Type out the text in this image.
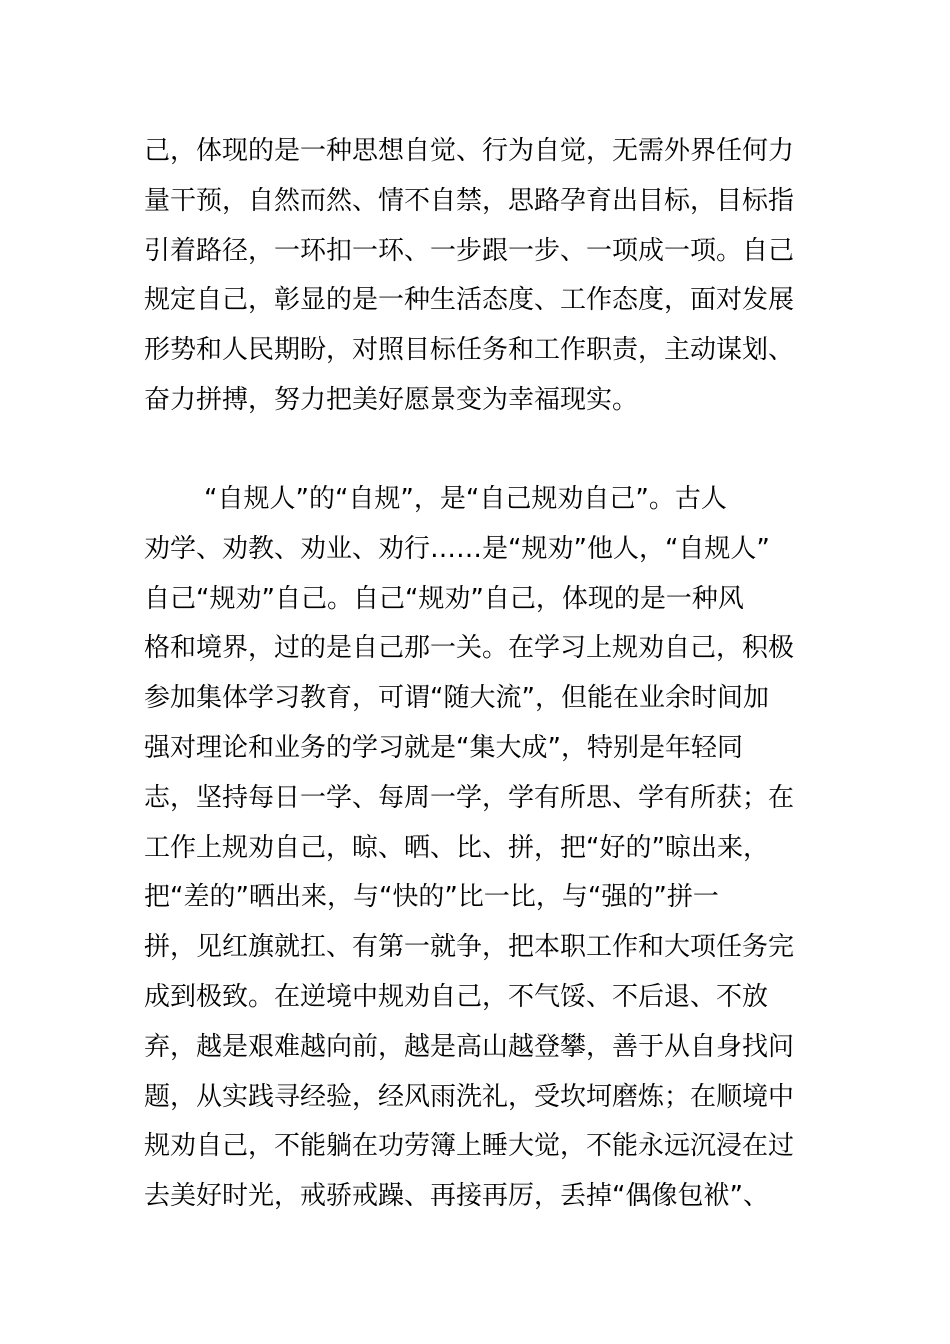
己，体现的是一种思想自觉、行为自觉，无需外界任何力
量干预，自然而然、情不自禁，思路孕育出目标，目标指
引着路径，一环扣一环、一步跟一步、一项成一项。自己
规定自己，彰显的是一种生活态度、工作态度，面对发展
形势和人民期盼，对照目标任务和工作职责，主动谋划、
奋力拼搏，努力把美好愿景变为幸福现实。
“自规人”的“自规”，是“自己规劝自己”。古人
劝学、劝教、劝业、劝行……是“规劝”他人，“自规人”
自己“规劝”自己。自己“规劝”自己，体现的是一种风
格和境界，过的是自己那一关。在学习上规劝自己，积极
参加集体学习教育，可谓“随大流”，但能在业余时间加
强对理论和业务的学习就是“集大成”，特别是年轻同
志，坚持每日一学、每周一学，学有所思、学有所获；在
工作上规劝自己，晾、晒、比、拼，把“好的”晾出来，
把“差的”晒出来，与“快的”比一比，与“强的”拼一
拼，见红旗就扛、有第一就争，把本职工作和大项任务完
成到极致。在逆境中规劝自己，不气馁、不后退、不放
弃，越是艰难越向前，越是高山越登攀，善于从自身找问
题，从实践寻经验，经风雨洗礼，受坎坷磨炼；在顺境中
规劝自己，不能躺在功劳簿上睡大觉，不能永远沉浸在过
去美好时光，戒骄戒躁、再接再厉，丢掉“偶像包袱”、
